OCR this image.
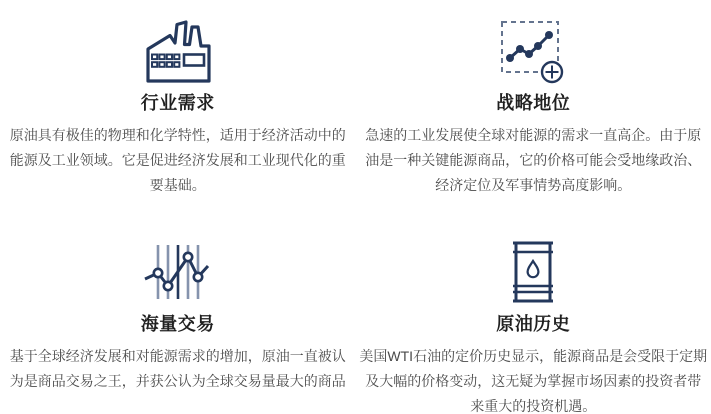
行业需求

原油具有极佳的物理和化学特性，适用于经济活动中的能源及工业领域。它是促进经济发展和工业现代化的重要基础。

战略地位

急速的工业发展使全球对能源的需求一直高企。由于原油是一种关键能源商品，它的价格可能会受地缘政治、经济定位及军事情势高度影响。

海量交易

基于全球经济发展和对能源需求的增加，原油一直被认为是商品交易之王，并获公认为全球交易量最大的商品

原油历史

美国WTI石油的定价历史显示，能源商品是会受限于定期及大幅的价格变动，这无疑为掌握市场因素的投资者带来重大的投资机遇。
